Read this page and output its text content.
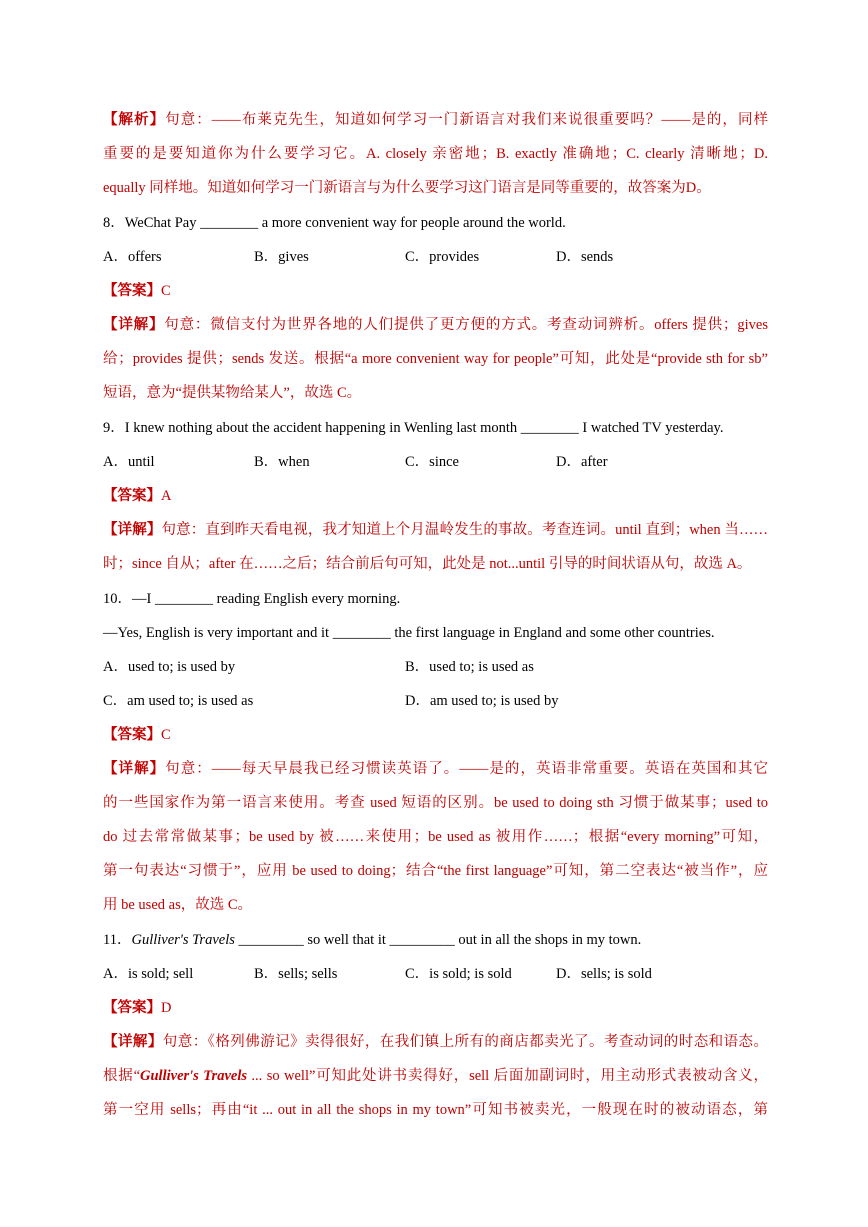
【解析】句意：——布莱克先生，知道如何学习一门新语言对我们来说很重要吗？——是的，同样
重要的是要知道你为什么要学习它。A. closely 亲密地；B. exactly 准确地；C. clearly 清晰地；D.
equally 同样地。知道如何学习一门新语言与为什么要学习这门语言是同等重要的，故答案为D。
8．WeChat Pay ________ a more convenient way for people around the world.
A．offers	B．gives	C．provides	D．sends
【答案】C
【详解】句意：微信支付为世界各地的人们提供了更方便的方式。考查动词辨析。offers 提供；gives
给；provides 提供；sends 发送。根据“a more convenient way for people”可知，此处是“provide sth for sb”
短语，意为“提供某物给某人”，故选 C。
9．I knew nothing about the accident happening in Wenling last month ________ I watched TV yesterday.
A．until	B．when	C．since	D．after
【答案】A
【详解】句意：直到昨天看电视，我才知道上个月温岭发生的事故。考查连词。until 直到；when 当……
时；since 自从；after 在……之后；结合前后句可知，此处是 not...until 引导的时间状语从句，故选 A。
10．—I ________ reading English every morning.
—Yes, English is very important and it ________ the first language in England and some other countries.
A．used to; is used by	B．used to; is used as
C．am used to; is used as	D．am used to; is used by
【答案】C
【详解】句意：——每天早晨我已经习惯读英语了。——是的，英语非常重要。英语在英国和其它
的一些国家作为第一语言来使用。考查 used 短语的区别。be used to doing sth 习惯于做某事；used to
do 过去常常做某事；be used by 被……来使用；be used as 被用作……；根据“every morning”可知，
第一句表达“习惯于”，应用 be used to doing；结合“the first language”可知，第二空表达“被当作”，应
用 be used as，故选 C。
11．Gulliver's Travels _________ so well that it _________ out in all the shops in my town.
A．is sold; sell	B．sells; sells	C．is sold; is sold	D．sells; is sold
【答案】D
【详解】句意：《格列佛游记》卖得很好，在我们镇上所有的商店都卖光了。考查动词的时态和语态。
根据“Gulliver's Travels ... so well”可知此处讲书卖得好，sell 后面加副词时，用主动形式表被动含义，
第一空用 sells；再由“it ... out in all the shops in my town”可知书被卖光，一般现在时的被动语态，第
